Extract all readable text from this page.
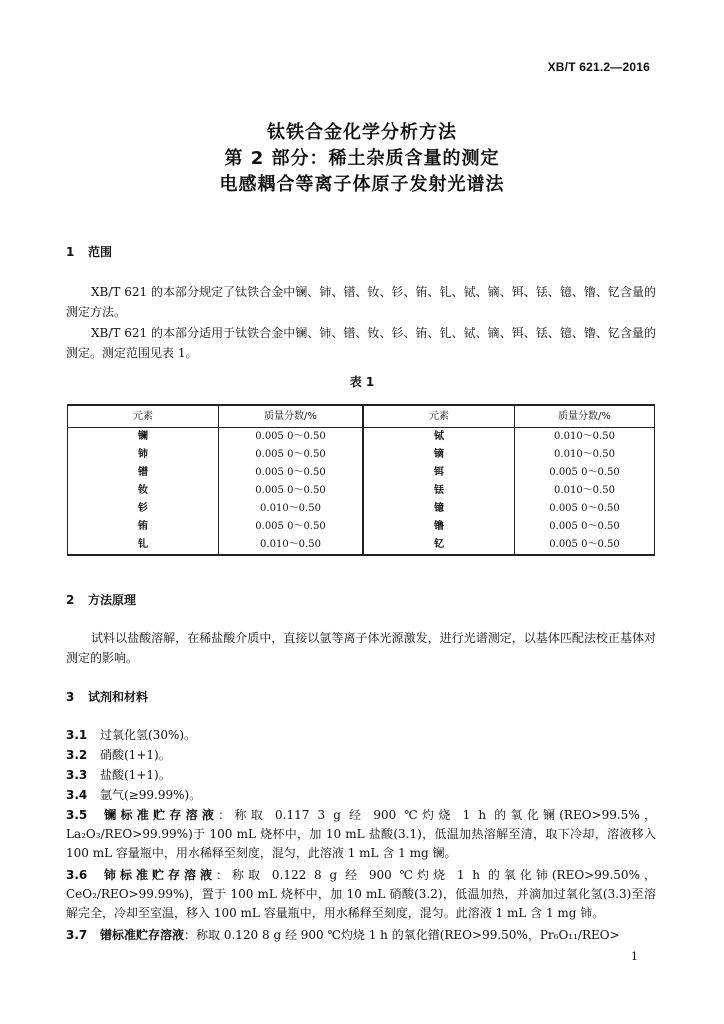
XB/T 621.2—2016
钛铁合金化学分析方法
第 2 部分：稀土杂质含量的测定
电感耦合等离子体原子发射光谱法
1 范围
XB/T 621 的本部分规定了钛铁合金中镧、铈、镨、钕、钐、铕、钆、铽、镝、铒、铥、镱、镥、钇含量的测定方法。
XB/T 621 的本部分适用于钛铁合金中镧、铈、镨、钕、钐、铕、钆、铽、镝、铒、铥、镱、镥、钇含量的测定。测定范围见表 1。
表 1
元素	质量分数/%	元素	质量分数/%
镧	0.005 0～0.50	铽	0.010～0.50
铈	0.005 0～0.50	镝	0.010～0.50
镨	0.005 0～0.50	铒	0.005 0～0.50
钕	0.005 0～0.50	铥	0.010～0.50
钐	0.010～0.50	镱	0.005 0～0.50
铕	0.005 0～0.50	镥	0.005 0～0.50
钆	0.010～0.50	钇	0.005 0～0.50
2 方法原理
试料以盐酸溶解，在稀盐酸介质中，直接以氩等离子体光源激发，进行光谱测定，以基体匹配法校正基体对测定的影响。
3 试剂和材料
3.1 过氧化氢(30%)。
3.2 硝酸(1+1)。
3.3 盐酸(1+1)。
3.4 氩气(≥99.99%)。
3.5 镧标准贮存溶液：称取 0.117 3 g 经 900 ℃灼烧 1 h 的氧化镧(REO>99.5%，La₂O₃/REO>99.99%)于 100 mL 烧杯中，加 10 mL 盐酸(3.1)，低温加热溶解至清，取下冷却，溶液移入 100 mL 容量瓶中，用水稀释至刻度，混匀，此溶液 1 mL 含 1 mg 镧。
3.6 铈标准贮存溶液：称取 0.122 8 g 经 900 ℃灼烧 1 h 的氧化铈(REO>99.50%，CeO₂/REO>99.99%)，置于 100 mL 烧杯中，加 10 mL 硝酸(3.2)，低温加热，并滴加过氧化氢(3.3)至溶解完全，冷却至室温，移入 100 mL 容量瓶中，用水稀释至刻度，混匀。此溶液 1 mL 含 1 mg 铈。
3.7 镨标准贮存溶液：称取 0.120 8 g 经 900 ℃灼烧 1 h 的氧化镨(REO>99.50%，Pr₆O₁₁/REO>
1
